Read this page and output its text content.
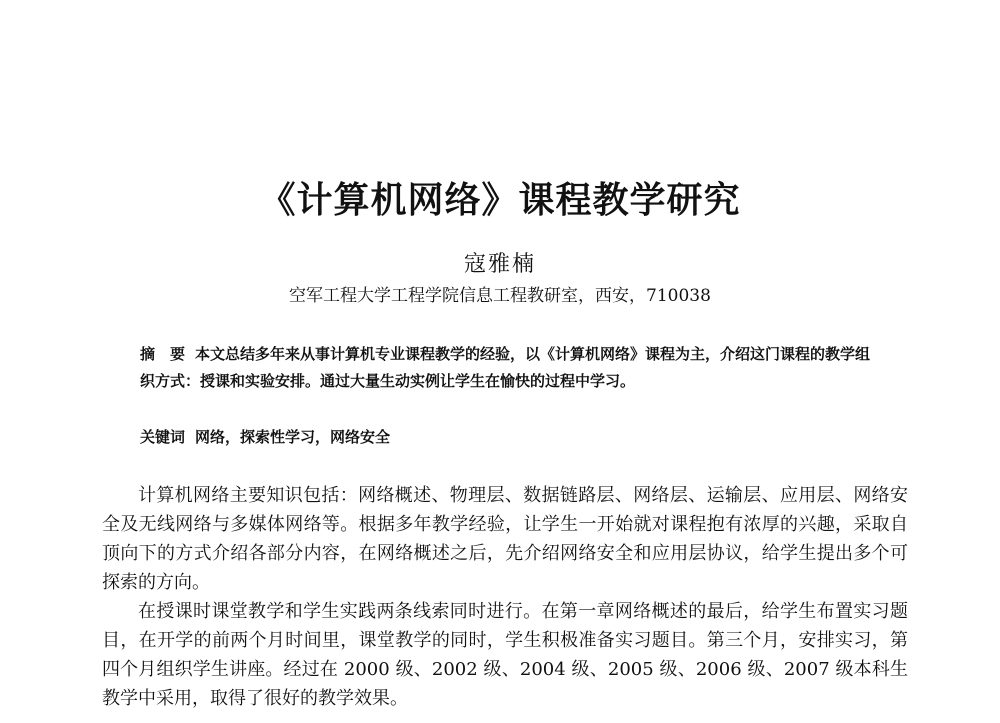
《计算机网络》课程教学研究
寇雅楠
空军工程大学工程学院信息工程教研室，西安，710038
摘　要 本文总结多年来从事计算机专业课程教学的经验，以《计算机网络》课程为主，介绍这门课程的教学组织方式：授课和实验安排。通过大量生动实例让学生在愉快的过程中学习。
关键词 网络，探索性学习，网络安全

计算机网络主要知识包括：网络概述、物理层、数据链路层、网络层、运输层、应用层、网络安全及无线网络与多媒体网络等。根据多年教学经验，让学生一开始就对课程抱有浓厚的兴趣，采取自顶向下的方式介绍各部分内容，在网络概述之后，先介绍网络安全和应用层协议，给学生提出多个可探索的方向。

在授课时课堂教学和学生实践两条线索同时进行。在第一章网络概述的最后，给学生布置实习题目，在开学的前两个月时间里，课堂教学的同时，学生积极准备实习题目。第三个月，安排实习，第四个月组织学生讲座。经过在 2000 级、2002 级、2004 级、2005 级、2006 级、2007 级本科生教学中采用，取得了很好的教学效果。
